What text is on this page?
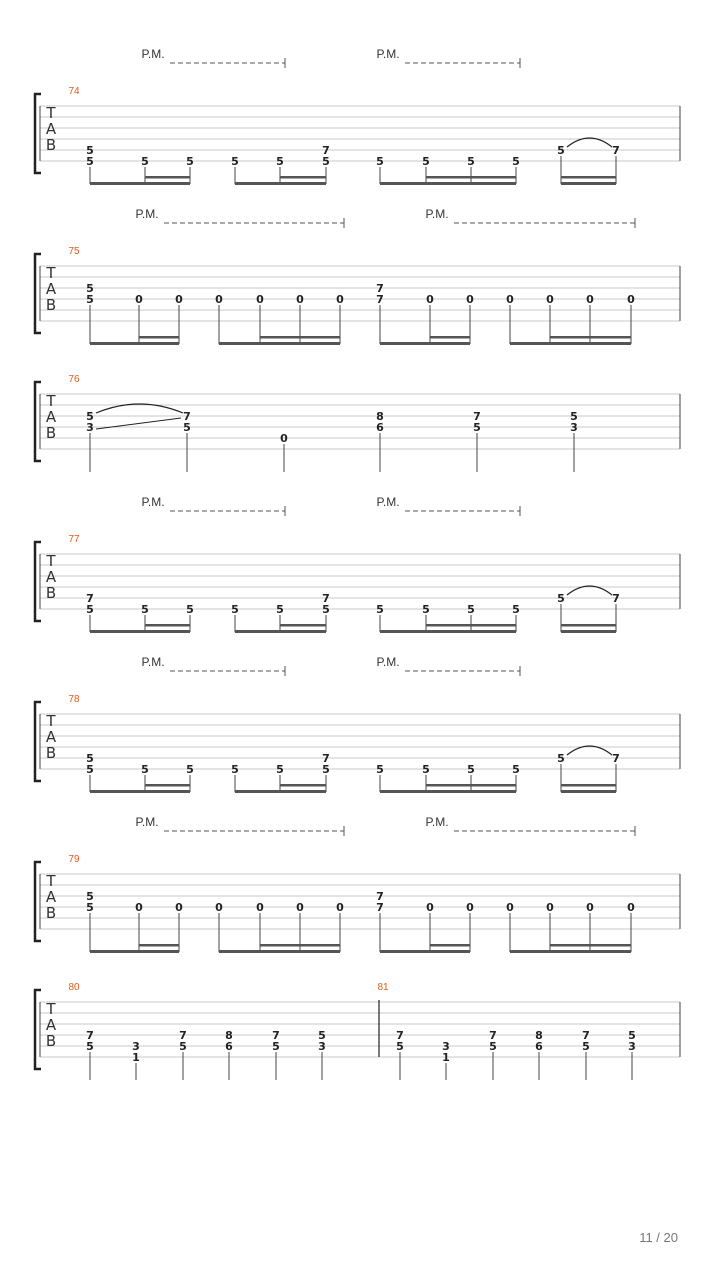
T
A
B
74
P.M.	P.M.
5
5	5	5	5	5
7
5	5	5	5	5
5	7
T
A
B
75
P.M.	P.M.
5
5	0	0	0	0	0	0
7
7	0	0	0	0	0	0
T
A
B
76
5
3
7
5
0
8
6
7
5
5
3
T
A
B
77
P.M.	P.M.
7
5	5	5	5	5
7
5	5	5	5	5
5	7
T
A
B
78
P.M.	P.M.
5
5	5	5	5	5
7
5	5	5	5	5
5	7
T
A
B
79
P.M.	P.M.
5
5	0	0	0	0	0	0
7
7	0	0	0	0	0	0
T
A
B
80	81
7
5	3
1
7
5
8
6
7
5
5
3
7
5	3
1
7
5
8
6
7
5
5
3
11 / 20
